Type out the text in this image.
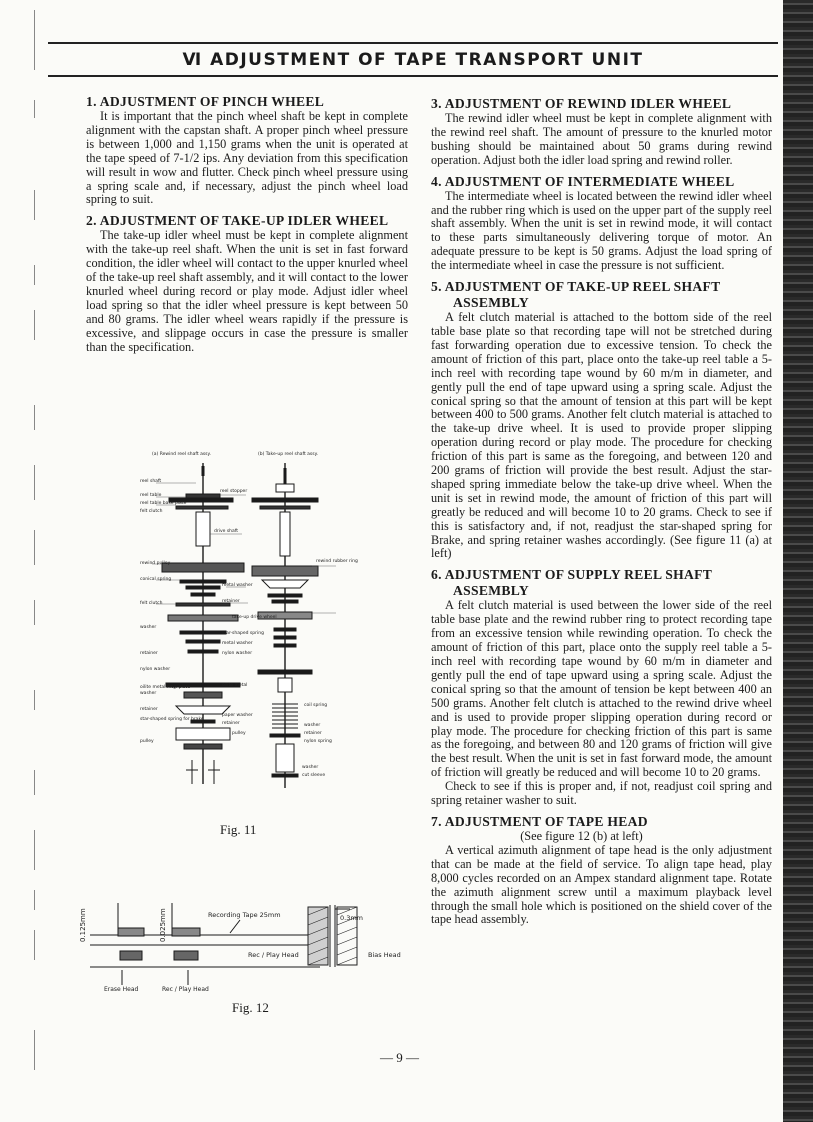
Ⅵ ADJUSTMENT OF TAPE TRANSPORT UNIT
1. ADJUSTMENT OF PINCH WHEEL

It is important that the pinch wheel shaft be kept in complete alignment with the capstan shaft. A proper pinch wheel pressure is between 1,000 and 1,150 grams when the unit is operated at the tape speed of 7-1/2 ips. Any deviation from this specification will result in wow and flutter. Check pinch wheel pressure using a spring scale and, if necessary, adjust the pinch wheel load spring to suit.

2. ADJUSTMENT OF TAKE-UP IDLER WHEEL

The take-up idler wheel must be kept in complete alignment with the take-up reel shaft. When the unit is set in fast forward condition, the idler wheel will contact to the upper knurled wheel of the take-up reel shaft assembly, and it will contact to the lower knurled wheel during record or play mode. Adjust idler wheel load spring so that the idler wheel pressure is kept between 50 and 80 grams. The idler wheel wears rapidly if the pressure is excessive, and slippage occurs in case the pressure is smaller than the specification.

(a) Rewind reel shaft assy.	(b) Take-up reel shaft assy.
reel shaft
reel table
reel table base plate
felt clutch
rewind pulley
conical spring
felt clutch
washer
retainer
nylon washer
washer
retainer
pulley
star-shaped spring for brake
reel stopper
drive shaft
metal washer
retainer
take-up drive wheel
star-shaped spring
metal washer
nylon washer
oilite metal
paper washer
retainer
pulley
oilite metal mtg. plate
rewind rubber ring
coil spring
washer
retainer
nylon spring
washer
cut sleeve
Fig. 11
0.125mm	0.025mm	Recording Tape 25mm	0.3mm
Rec / Play Head	Bias Head
Erase Head	Rec / Play Head
Fig. 12
3. ADJUSTMENT OF REWIND IDLER WHEEL

The rewind idler wheel must be kept in complete alignment with the rewind reel shaft. The amount of pressure to the knurled motor bushing should be maintained about 50 grams during rewind operation. Adjust both the idler load spring and rewind roller.

4. ADJUSTMENT OF INTERMEDIATE WHEEL

The intermediate wheel is located between the rewind idler wheel and the rubber ring which is used on the upper part of the supply reel shaft assembly. When the unit is set in rewind mode, it will contact to these parts simultaneously delivering torque of motor. An adequate pressure to be kept is 50 grams. Adjust the load spring of the intermediate wheel in case the pressure is not sufficient.

5. ADJUSTMENT OF TAKE-UP REEL SHAFT
ASSEMBLY

A felt clutch material is attached to the bottom side of the reel table base plate so that recording tape will not be stretched during fast forwarding operation due to excessive tension. To check the amount of friction of this part, place onto the take-up reel table a 5-inch reel with recording tape wound by 60 m/m in diameter, and gently pull the end of tape upward using a spring scale. Adjust the conical spring so that the amount of tension at this part will be kept between 400 to 500 grams. Another felt clutch material is attached to the take-up drive wheel. It is used to provide proper slipping operation during record or play mode. The procedure for checking friction of this part is same as the foregoing, and between 120 and 200 grams of friction will provide the best result. Adjust the star-shaped spring immediate below the take-up drive wheel. When the unit is set in rewind mode, the amount of friction of this part will greatly be reduced and will become 10 to 20 grams. Check to see if this is satisfactory and, if not, readjust the star-shaped spring for Brake, and spring retainer washes accordingly. (See figure 11 (a) at left)

6. ADJUSTMENT OF SUPPLY REEL SHAFT
ASSEMBLY

A felt clutch material is used between the lower side of the reel table base plate and the rewind rubber ring to protect recording tape from an excessive tension while rewinding operation. To check the amount of friction of this part, place onto the supply reel table a 5-inch reel with recording tape wound by 60 m/m in diameter and gently pull the end of tape upward using a spring scale. Adjust the conical spring so that the amount of tension be kept between 400 an 500 grams. Another felt clutch is attached to the rewind drive wheel and is used to provide proper slipping operation during record or play mode. The procedure for checking friction of this part is same as the foregoing, and between 80 and 120 grams of friction will give the best result. When the unit is set in fast forward mode, the amount of friction will greatly be reduced and will become 10 to 20 grams.

Check to see if this is proper and, if not, readjust coil spring and spring retainer washer to suit.

7. ADJUSTMENT OF TAPE HEAD

(See figure 12 (b) at left)

A vertical azimuth alignment of tape head is the only adjustment that can be made at the field of service. To align tape head, play 8,000 cycles recorded on an Ampex standard alignment tape. Rotate the azimuth alignment screw until a maximum playback level through the small hole which is positioned on the shield cover of the tape head assembly.

— 9 —
